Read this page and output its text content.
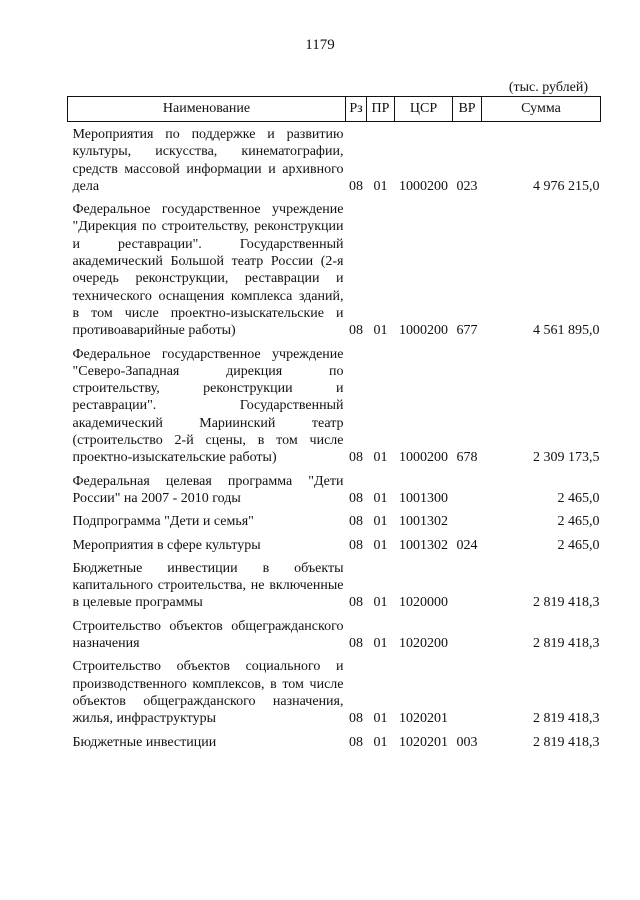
1179
(тыс. рублей)
Наименование	Рз	ПР	ЦСР	ВР	Сумма
Мероприятия по поддержке и развитию культуры, искусства, кинематографии, средств массовой информации и архивного дела	08	01	1000200	023	4 976 215,0
Федеральное государственное учреждение "Дирекция по строительству, реконструкции и реставрации". Государственный академический Большой театр России (2-я очередь реконструкции, реставрации и технического оснащения комплекса зданий, в том числе проектно-изыскательские и противоаварийные работы)	08	01	1000200	677	4 561 895,0
Федеральное государственное учреждение "Северо-Западная дирекция по строительству, реконструкции и реставрации". Государственный академический Мариинский театр (строительство 2-й сцены, в том числе проектно-изыскательские работы)	08	01	1000200	678	2 309 173,5
Федеральная целевая программа "Дети России" на 2007 - 2010 годы	08	01	1001300		2 465,0
Подпрограмма "Дети и семья"	08	01	1001302		2 465,0
Мероприятия в сфере культуры	08	01	1001302	024	2 465,0
Бюджетные инвестиции в объекты капитального строительства, не включенные в целевые программы	08	01	1020000		2 819 418,3
Строительство объектов общегражданского назначения	08	01	1020200		2 819 418,3
Строительство объектов социального и производственного комплексов, в том числе объектов общегражданского назначения, жилья, инфраструктуры	08	01	1020201		2 819 418,3
Бюджетные инвестиции	08	01	1020201	003	2 819 418,3
